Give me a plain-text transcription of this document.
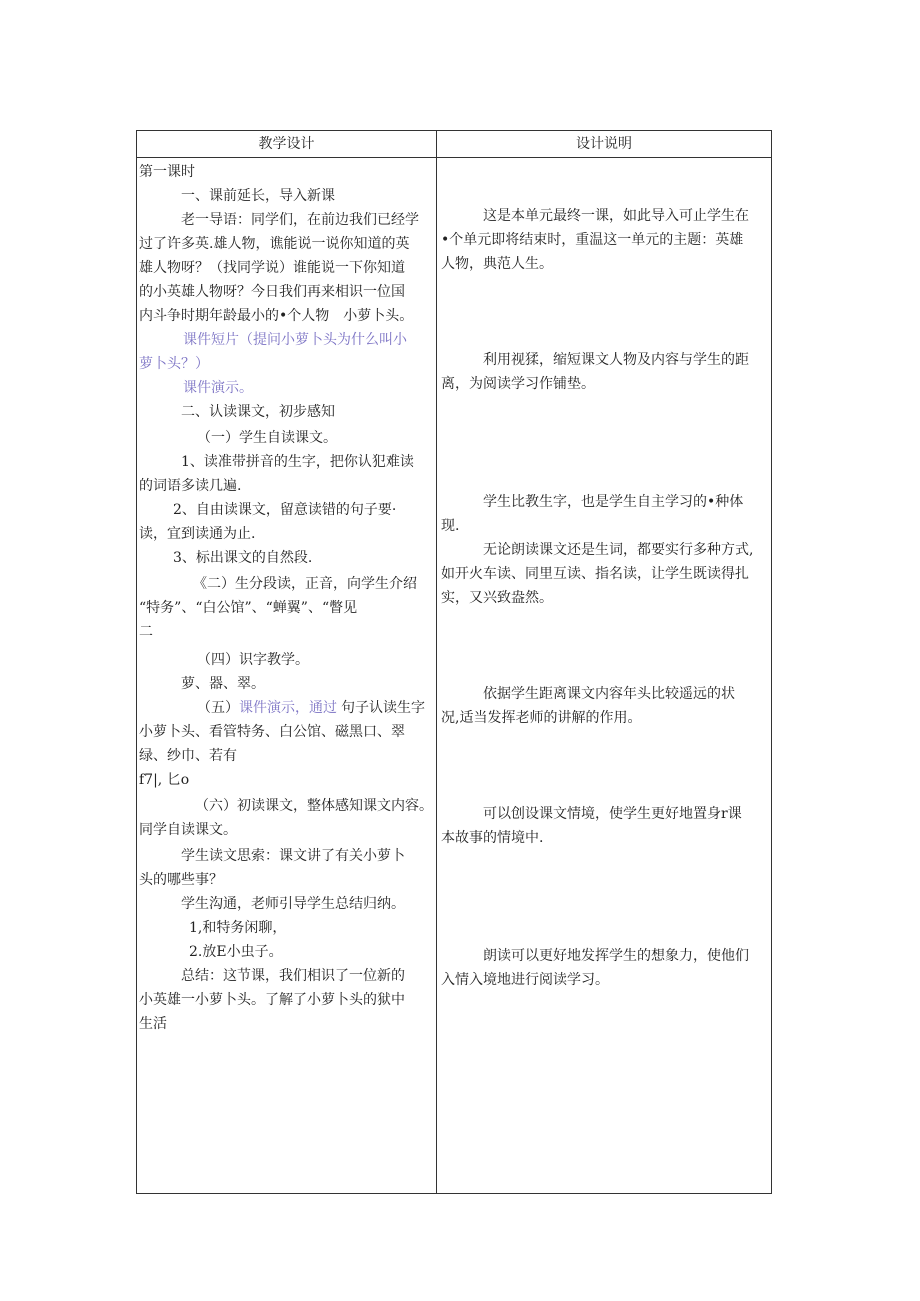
教学设计	设计说明
第一课时
一、课前延长，导入新课
老一导语：同学们，在前边我们已经学
过了许多英.雄人物，谯能说一说你知道的英
雄人物呀？（找同学说）谁能说一下你知道
的小英雄人物呀？今日我们再来相识一位国
内斗争时期年龄最小的•个人物　小萝卜头。
课件短片（提问小萝卜头为什么叫小
萝卜头？）
课件演示。
二、认读课文，初步感知
（一）学生自读课文。
1、读准带拼音的生字，把你认犯难读
的词语多读几遍.
2、自由读课文，留意读错的句子要·
读，宜到读通为止.
3、标出课文的自然段.
《二）生分段读，正音，向学生介绍
“特务”、“白公馆”、“蝉翼”、“瞥见
二
（四）识字教学。
萝、器、翠。
（五） 课件演示，通过 句子认读生字
小萝卜头、看管特务、白公馆、磁黑口、翠
绿、纱巾、若有
f7|, 匕o
（六）初读课文，整体感知课文内容。
同学自读课文。
学生读文思索：课文讲了有关小萝卜
头的哪些事？
学生沟通，老师引导学生总结归纳。
1,和特务闲聊，
2.放E小虫子。
总结：这节课，我们相识了一位新的
小英雄一小萝卜头。了解了小萝卜头的狱中
生活
这是本单元最终一课，如此导入可止学生在
•个单元即将结束时，重温这一单元的主题：英雄
人物，典范人生。
利用视猱，缩短课文人物及内容与学生的距
离，为阅读学习作铺垫。
学生比教生字，也是学生自主学习的•种体
现.
无论朗读课文还是生词，都要实行多种方式,
如开火车读、同里互读、指名读，让学生既读得扎
实，又兴致盎然。
依据学生距离课文内容年头比较遥远的状
况,适当发挥老师的讲解的作用。
可以创设课文情境，使学生更好地置身r课
本故事的情境中.
朗读可以更好地发挥学生的想象力，使他们
入情入境地进行阅读学习。
